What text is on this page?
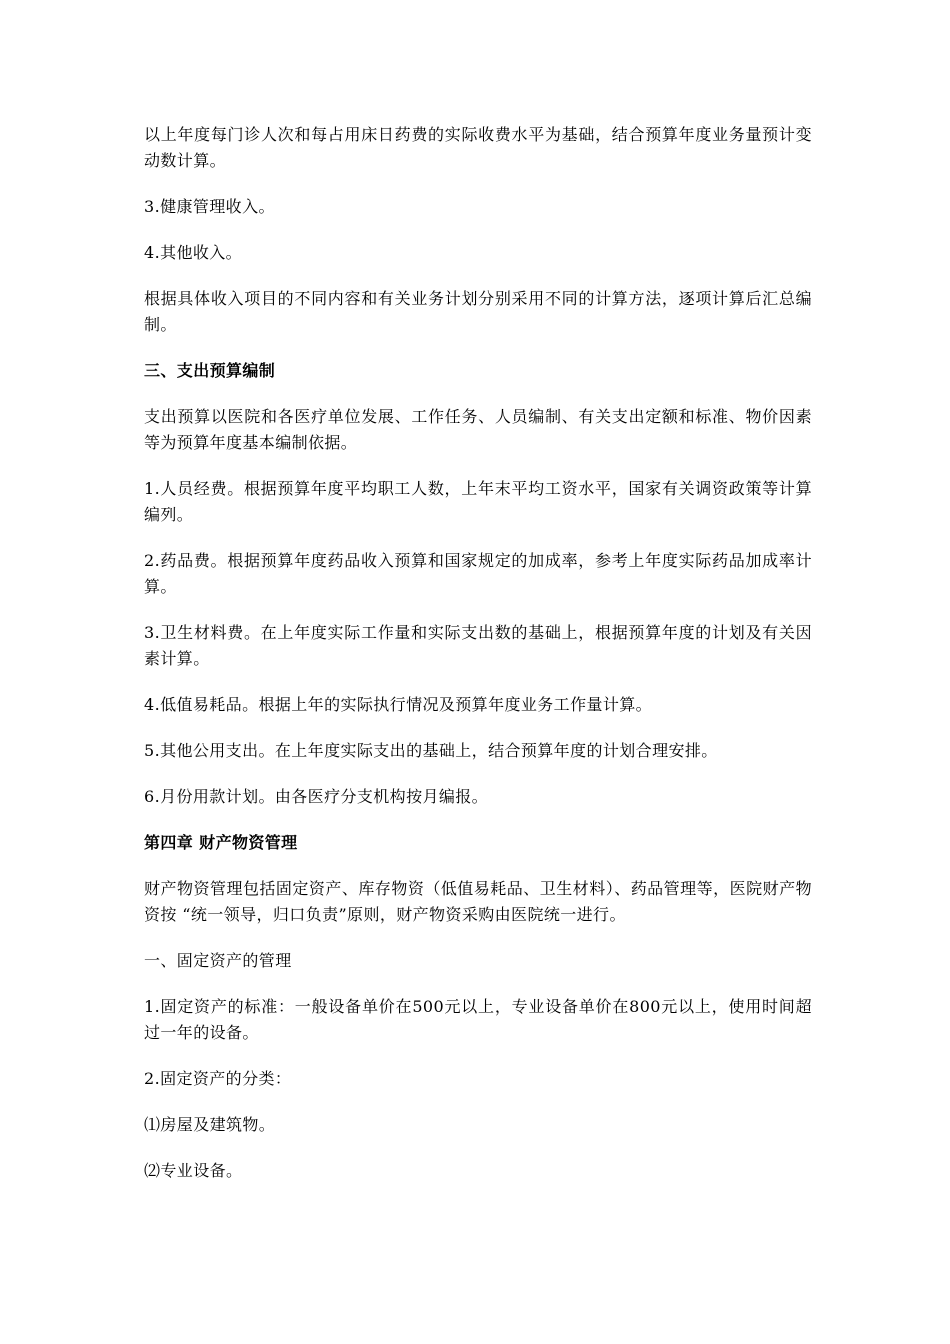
以上年度每门诊人次和每占用床日药费的实际收费水平为基础，结合预算年度业务量预计变动数计算。

3.健康管理收入。

4.其他收入。

根据具体收入项目的不同内容和有关业务计划分别采用不同的计算方法，逐项计算后汇总编制。

三、支出预算编制

支出预算以医院和各医疗单位发展、工作任务、人员编制、有关支出定额和标准、物价因素等为预算年度基本编制依据。

1.人员经费。根据预算年度平均职工人数，上年末平均工资水平，国家有关调资政策等计算编列。

2.药品费。根据预算年度药品收入预算和国家规定的加成率，参考上年度实际药品加成率计算。

3.卫生材料费。在上年度实际工作量和实际支出数的基础上，根据预算年度的计划及有关因素计算。

4.低值易耗品。根据上年的实际执行情况及预算年度业务工作量计算。

5.其他公用支出。在上年度实际支出的基础上，结合预算年度的计划合理安排。

6.月份用款计划。由各医疗分支机构按月编报。

第四章 财产物资管理

财产物资管理包括固定资产、库存物资（低值易耗品、卫生材料）、药品管理等，医院财产物资按 “统一领导，归口负责”原则，财产物资采购由医院统一进行。

一、固定资产的管理

1.固定资产的标准：一般设备单价在500元以上，专业设备单价在800元以上，使用时间超过一年的设备。

2.固定资产的分类：

⑴房屋及建筑物。

⑵专业设备。
